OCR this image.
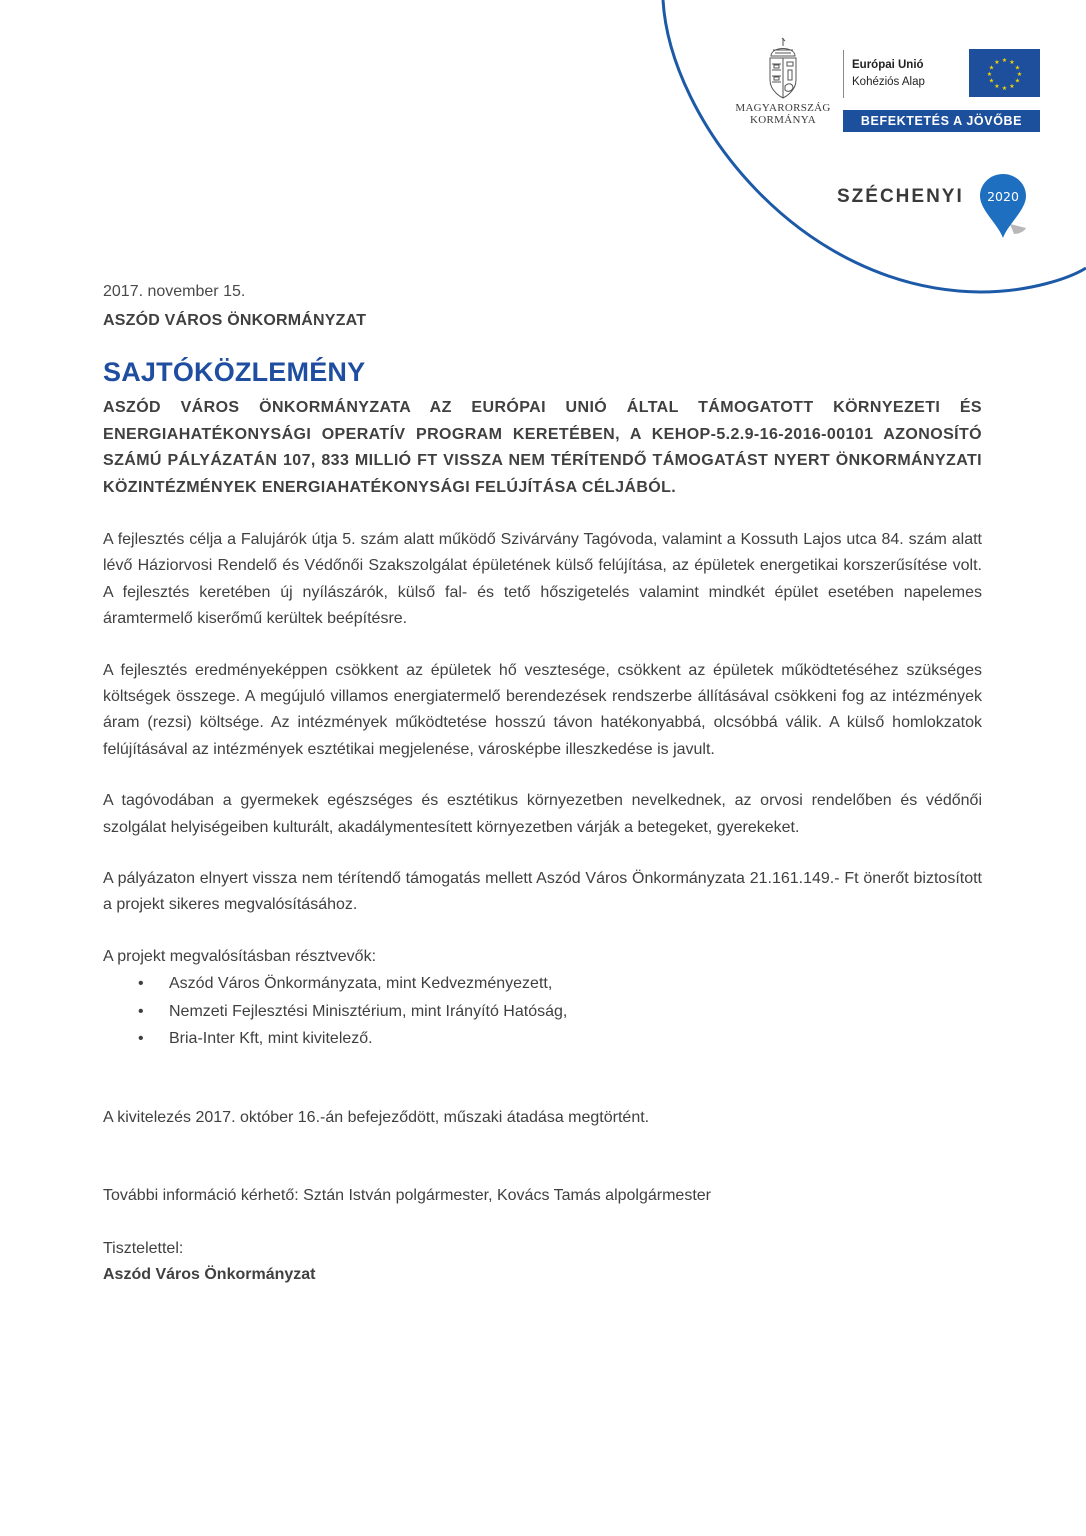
MAGYARORSZÁG
KORMÁNYA
Európai Unió
Kohéziós Alap
★ ★
★
★
★
★
★
★
★
★
★
★
BEFEKTETÉS A JÖVŐBE
SZÉCHENYI 2020
2017. november 15.
ASZÓD VÁROS ÖNKORMÁNYZAT
SAJTÓKÖZLEMÉNY
ASZÓD VÁROS ÖNKORMÁNYZATA AZ EURÓPAI UNIÓ ÁLTAL TÁMOGATOTT KÖRNYEZETI ÉS ENERGIAHATÉKONYSÁGI OPERATÍV PROGRAM KERETÉBEN, A KEHOP-5.2.9-16-2016-00101 AZONOSÍTÓ SZÁMÚ PÁLYÁZATÁN 107, 833 MILLIÓ FT VISSZA NEM TÉRÍTENDŐ TÁMOGATÁST NYERT ÖNKORMÁNYZATI KÖZINTÉZMÉNYEK ENERGIAHATÉKONYSÁGI FELÚJÍTÁSA CÉLJÁBÓL.

A fejlesztés célja a Falujárók útja 5. szám alatt működő Szivárvány Tagóvoda, valamint a Kossuth Lajos utca 84. szám alatt lévő Háziorvosi Rendelő és Védőnői Szakszolgálat épületének külső felújítása, az épületek energetikai korszerűsítése volt. A fejlesztés keretében új nyílászárók, külső fal- és tető hőszigetelés valamint mindkét épület esetében napelemes áramtermelő kiserőmű kerültek beépítésre.

A fejlesztés eredményeképpen csökkent az épületek hő vesztesége, csökkent az épületek működtetéséhez szükséges költségek összege. A megújuló villamos energiatermelő berendezések rendszerbe állításával csökkeni fog az intézmények áram (rezsi) költsége. Az intézmények működtetése hosszú távon hatékonyabbá, olcsóbbá válik. A külső homlokzatok felújításával az intézmények esztétikai megjelenése, városképbe illeszkedése is javult.

A tagóvodában a gyermekek egészséges és esztétikus környezetben nevelkednek, az orvosi rendelőben és védőnői szolgálat helyiségeiben kulturált, akadálymentesített környezetben várják a betegeket, gyerekeket.

A pályázaton elnyert vissza nem térítendő támogatás mellett Aszód Város Önkormányzata 21.161.149.- Ft önerőt biztosított a projekt sikeres megvalósításához.

A projekt megvalósításban résztvevők:
• Aszód Város Önkormányzata, mint Kedvezményezett,
• Nemzeti Fejlesztési Minisztérium, mint Irányító Hatóság,
• Bria-Inter Kft, mint kivitelező.
A kivitelezés 2017. október 16.-án befejeződött, műszaki átadása megtörtént.
További információ kérhető: Sztán István polgármester, Kovács Tamás alpolgármester
Tisztelettel:
Aszód Város Önkormányzat
